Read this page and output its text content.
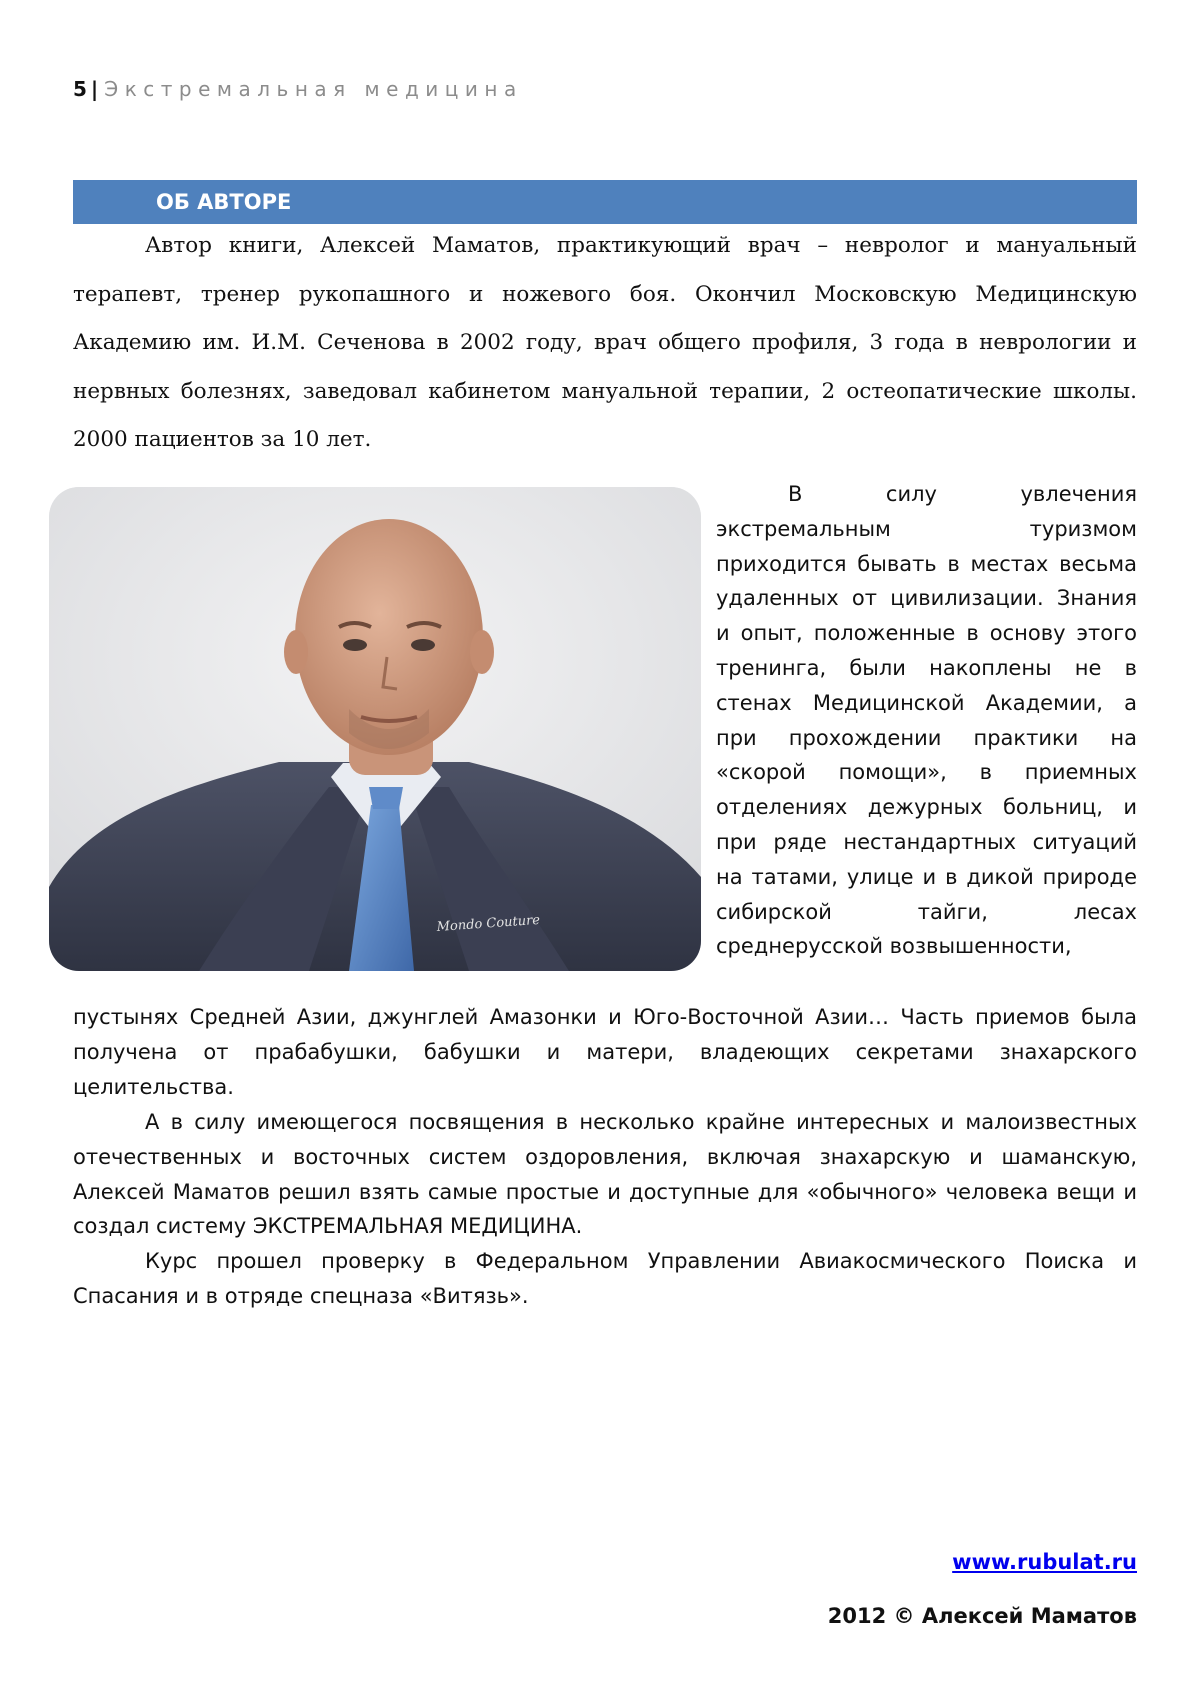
5 | Экстремальная медицина
ОБ АВТОРЕ

Автор книги, Алексей Маматов, практикующий врач – невролог и мануальный терапевт, тренер рукопашного и ножевого боя. Окончил Московскую Медицинскую Академию им. И.М. Сеченова в 2002 году, врач общего профиля, 3 года в неврологии и нервных болезнях, заведовал кабинетом мануальной терапии, 2 остеопатические школы. 2000 пациентов за 10 лет.

Mondo Couture

В силу увлечения экстремальным туризмом приходится бывать в местах весьма удаленных от цивилизации. Знания и опыт, положенные в основу этого тренинга, были накоплены не в стенах Медицинской Академии, а при прохождении практики на «скорой помощи», в приемных отделениях дежурных больниц, и при ряде нестандартных ситуаций на татами, улице и в дикой природе сибирской тайги, лесах среднерусской возвышенности,

пустынях Средней Азии, джунглей Амазонки и Юго-Восточной Азии… Часть приемов была получена от прабабушки, бабушки и матери, владеющих секретами знахарского целительства.

А в силу имеющегося посвящения в несколько крайне интересных и малоизвестных отечественных и восточных систем оздоровления, включая знахарскую и шаманскую, Алексей Маматов решил взять самые простые и доступные для «обычного» человека вещи и создал систему ЭКСТРЕМАЛЬНАЯ МЕДИЦИНА.

Курс прошел проверку в Федеральном Управлении Авиакосмического Поиска и Спасания и в отряде спецназа «Витязь».

www.rubulat.ru
2012 © Алексей Маматов
